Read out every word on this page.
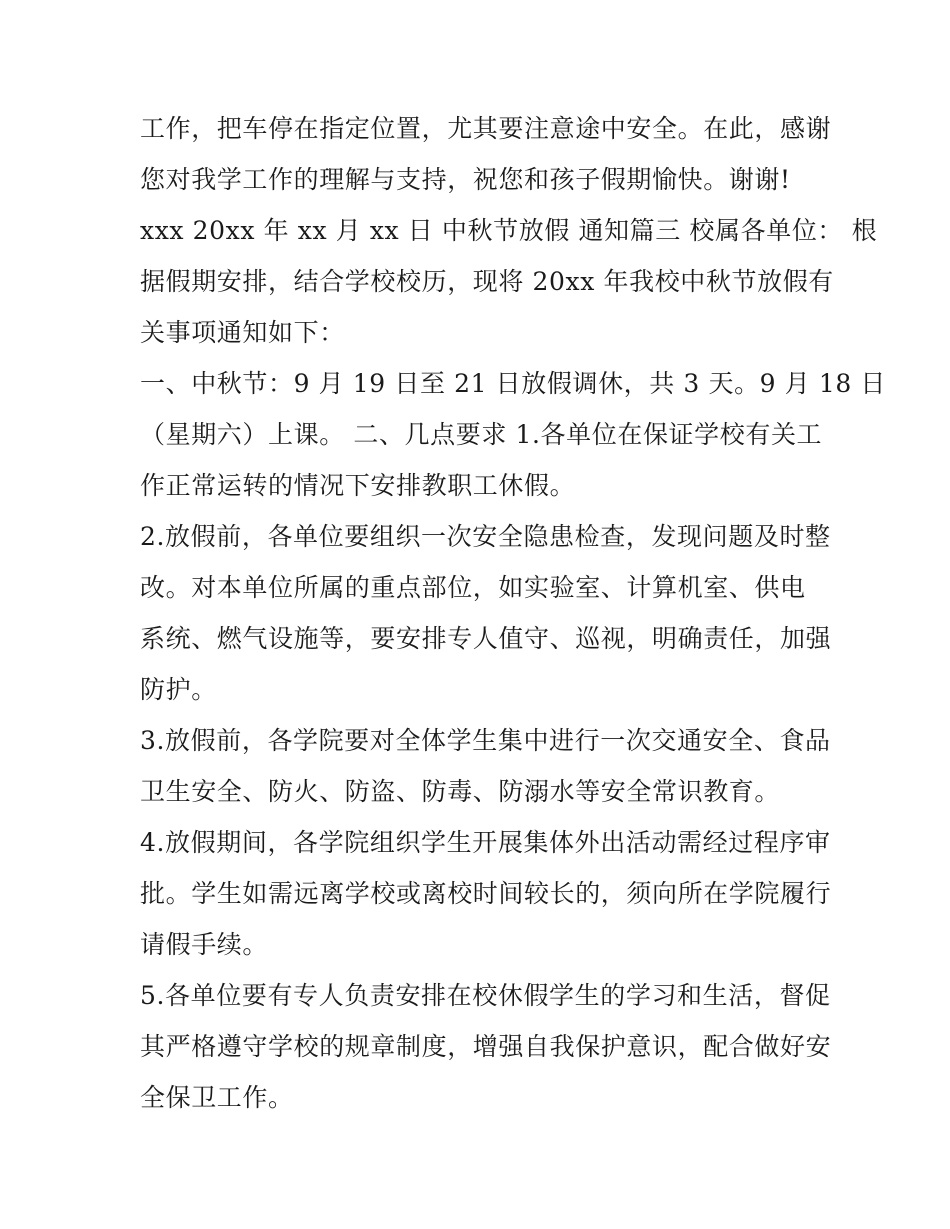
工作，把车停在指定位置，尤其要注意途中安全。在此，感谢
您对我学工作的理解与支持，祝您和孩子假期愉快。谢谢!
xxx 20xx 年 xx 月 xx 日 中秋节放假 通知篇三 校属各单位： 根
据假期安排，结合学校校历，现将 20xx 年我校中秋节放假有
关事项通知如下：
一、中秋节：9 月 19 日至 21 日放假调休，共 3 天。9 月 18 日
（星期六）上课。 二、几点要求 1.各单位在保证学校有关工
作正常运转的情况下安排教职工休假。
2.放假前，各单位要组织一次安全隐患检查，发现问题及时整
改。对本单位所属的重点部位，如实验室、计算机室、供电
系统、燃气设施等，要安排专人值守、巡视，明确责任，加强
防护。
3.放假前，各学院要对全体学生集中进行一次交通安全、食品
卫生安全、防火、防盗、防毒、防溺水等安全常识教育。
4.放假期间，各学院组织学生开展集体外出活动需经过程序审
批。学生如需远离学校或离校时间较长的，须向所在学院履行
请假手续。
5.各单位要有专人负责安排在校休假学生的学习和生活，督促
其严格遵守学校的规章制度，增强自我保护意识，配合做好安
全保卫工作。
